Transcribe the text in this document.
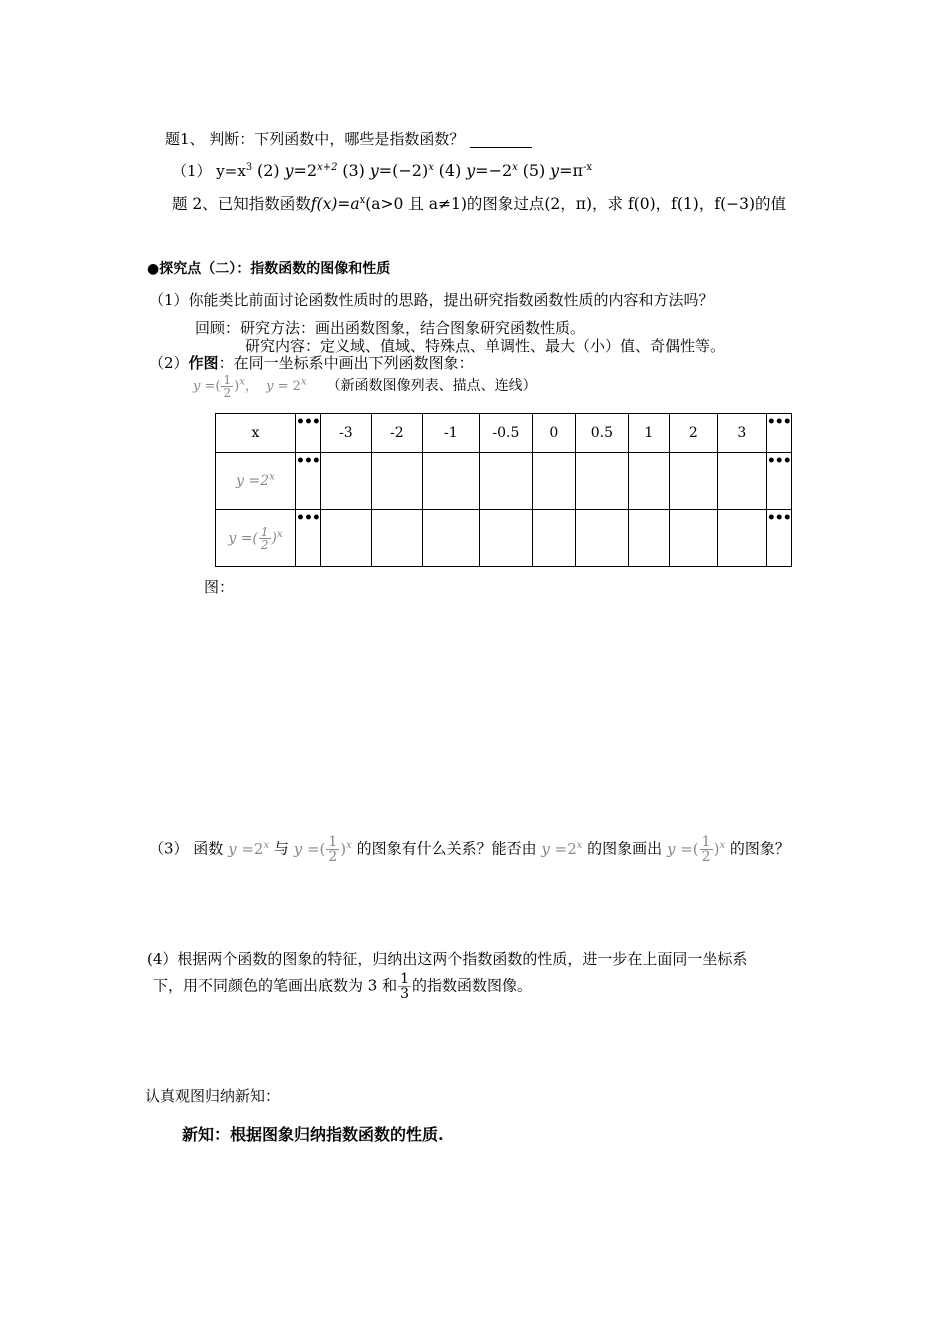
题1、 判断：下列函数中，哪些是指数函数？
（1） $y=x^3$ (2) $y=2^{x+2}$ (3) $y=(-2)^x$ (4) $y=-2^x$ (5) $y=\pi^{-x}$
题 2、已知指数函数$f(x)=a^x(a>0$ 且 a≠1)的图象过点(2，π)，求 f(0)，f(1)，f(−3)的值
●探究点（二）：指数函数的图像和性质
（1）你能类比前面讨论函数性质时的思路，提出研究指数函数性质的内容和方法吗？
回顾：研究方法：画出函数图象，结合图象研究函数性质。
研究内容：定义域、值域、特殊点、单调性、最大（小）值、奇偶性等。
（2）作图：在同一坐标系中画出下列函数图象：
y =( $\frac{1}{2} )^x$，  $y = 2^x$ （新函数图像列表、描点、连线）
x	•••	-3	-2	-1	-0.5	0	0.5	1	2	3	•••
$y =2^x$	•••										•••
y =( $\frac{1}{2} )^x$	•••										•••
图：
（3） 函数 $y =2^x$ 与 y =( $\frac{1}{2} )^x$ 的图象有什么关系？能否由 $y =2^x$ 的图象画出 y =( $\frac{1}{2} )^x$ 的图象？
(4）根据两个函数的图象的特征，归纳出这两个指数函数的性质，进一步在上面同一坐标系
下，用不同颜色的笔画出底数为 3 和 $\frac{1}{3}$ 的指数函数图像。
认真观图归纳新知：
新知：根据图象归纳指数函数的性质.
